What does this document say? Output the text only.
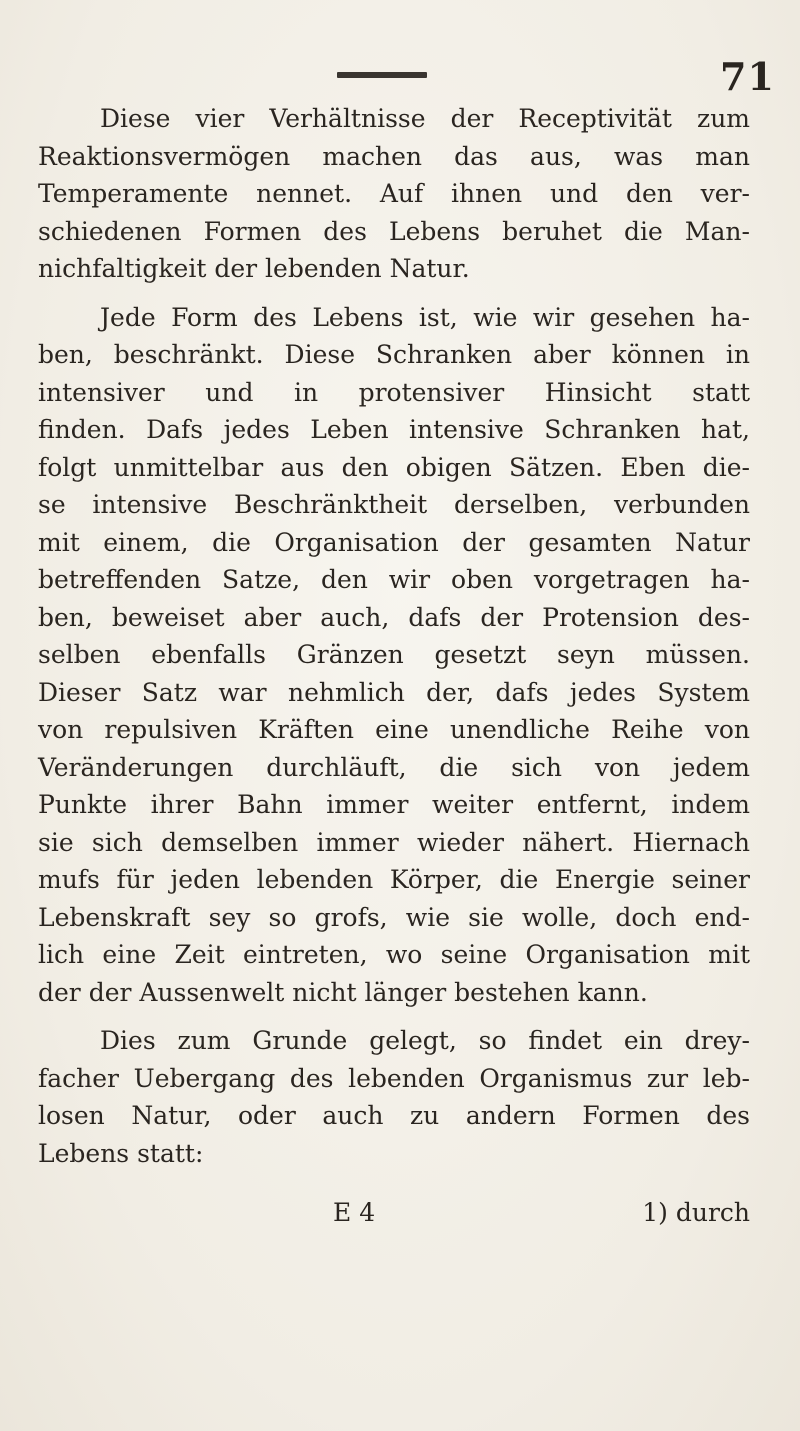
71
Diese vier Verhältnisse der Receptivität zum
Reaktionsvermögen machen das aus, was man
Temperamente nennet. Auf ihnen und den ver-
schiedenen Formen des Lebens beruhet die Man-
nichfaltigkeit der lebenden Natur.
Jede Form des Lebens ist, wie wir gesehen ha-
ben, beschränkt. Diese Schranken aber können in
intensiver und in protensiver Hinsicht statt
finden. Dafs jedes Leben intensive Schranken hat,
folgt unmittelbar aus den obigen Sätzen. Eben die-
se intensive Beschränktheit derselben, verbunden
mit einem, die Organisation der gesamten Natur
betreffenden Satze, den wir oben vorgetragen ha-
ben, beweiset aber auch, dafs der Protension des-
selben ebenfalls Gränzen gesetzt seyn müssen.
Dieser Satz war nehmlich der, dafs jedes System
von repulsiven Kräften eine unendliche Reihe von
Veränderungen durchläuft, die sich von jedem
Punkte ihrer Bahn immer weiter entfernt, indem
sie sich demselben immer wieder nähert. Hiernach
mufs für jeden lebenden Körper, die Energie seiner
Lebenskraft sey so grofs, wie sie wolle, doch end-
lich eine Zeit eintreten, wo seine Organisation mit
der der Aussenwelt nicht länger bestehen kann.
Dies zum Grunde gelegt, so findet ein drey-
facher Uebergang des lebenden Organismus zur leb-
losen Natur, oder auch zu andern Formen des
Lebens statt:
E 4	1) durch
